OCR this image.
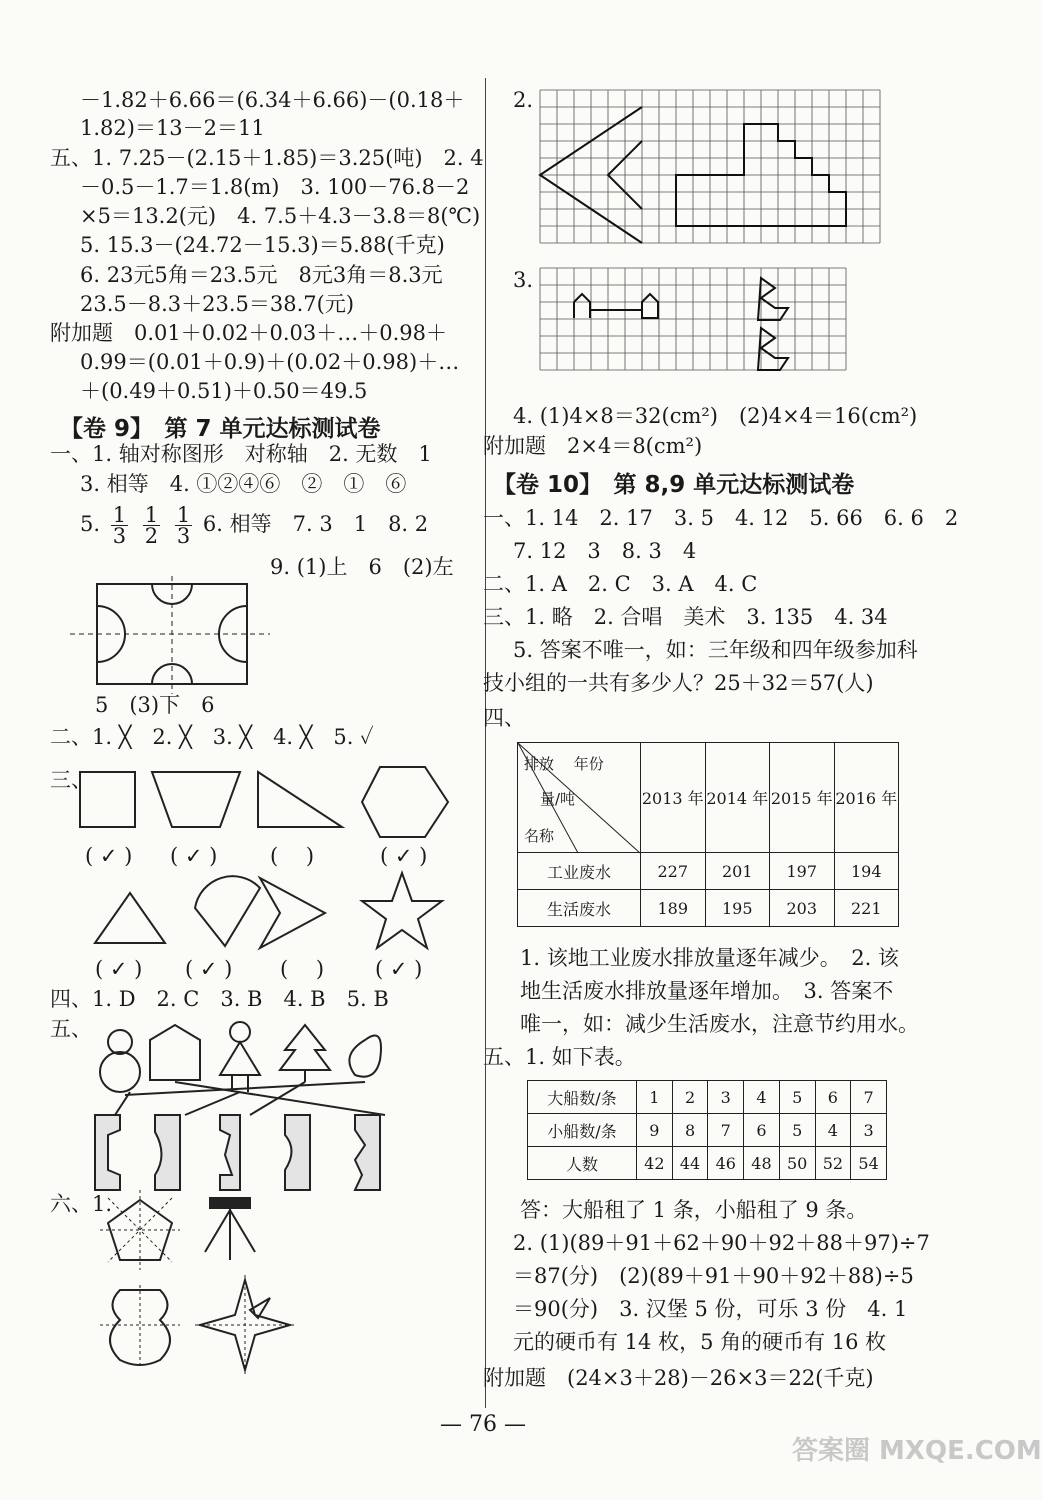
－1.82＋6.66＝(6.34＋6.66)－(0.18＋
1.82)＝13－2＝11
五、1. 7.25－(2.15＋1.85)＝3.25(吨)　2. 4
－0.5－1.7＝1.8(m)　3. 100－76.8－2
×5＝13.2(元)　4. 7.5＋4.3－3.8＝8(℃)
5. 15.3－(24.72－15.3)＝5.88(千克)
6. 23元5角＝23.5元　8元3角＝8.3元
23.5－8.3＋23.5＝38.7(元)
附加题　0.01＋0.02＋0.03＋…＋0.98＋
0.99＝(0.01＋0.9)＋(0.02＋0.98)＋…
＋(0.49＋0.51)＋0.50＝49.5
【卷 9】　第 7 单元达标测试卷
一、1. 轴对称图形　对称轴　2. 无数　1
3. 相等　4. ①②④⑥　②　①　⑥
5. $\frac{1}{3}$
$\frac{1}{2}$
$\frac{1}{3} 6$. 相等　7. 3　1　8. 2
9. (1)上　6　(2)左
5　(3)下　6
二、1. ╳　2. ╳　3. ╳　4. ╳　5. ✓
三、
( ✓ ) ( ✓ )	(　 )	( ✓ )
( ✓ ) ( ✓ ) (　 ) ( ✓ )
四、1. D　2. C　3. B　4. B　5. B
五、
六、1.
2.
3.
4. (1)4×8＝32(cm²)　(2)4×4＝16(cm²)
附加题　2×4＝8(cm²)
【卷 10】　第 8,9 单元达标测试卷
一、1. 14　2. 17　3. 5　4. 12　5. 66　6. 6　2
7. 12　3　8. 3　4
二、1. A　2. C　3. A　4. C
三、1. 略　2. 合唱　美术　3. 135　4. 34
5. 答案不唯一，如：三年级和四年级参加科
技小组的一共有多少人？25＋32＝57(人)
四、
排放　 年份
量/吨
名称	2013 年	2014 年	2015 年	2016 年
工业废水	227	201	197	194
生活废水	189	195	203	221
1. 该地工业废水排放量逐年减少。　2. 该
地生活废水排放量逐年增加。　3. 答案不
唯一，如：减少生活废水，注意节约用水。
五、1. 如下表。
大船数/条	1	2	3	4	5	6	7
小船数/条	9	8	7	6	5	4	3
人数	42	44	46	48	50	52	54
答：大船租了 1 条，小船租了 9 条。
2. (1)(89＋91＋62＋90＋92＋88＋97)÷7
＝87(分)　(2)(89＋91＋90＋92＋88)÷5
＝90(分)　3. 汉堡 5 份，可乐 3 份　4. 1
元的硬币有 14 枚，5 角的硬币有 16 枚
附加题　(24×3＋28)－26×3＝22(千克)
— 76 —
答案圈 MXQE.COM
